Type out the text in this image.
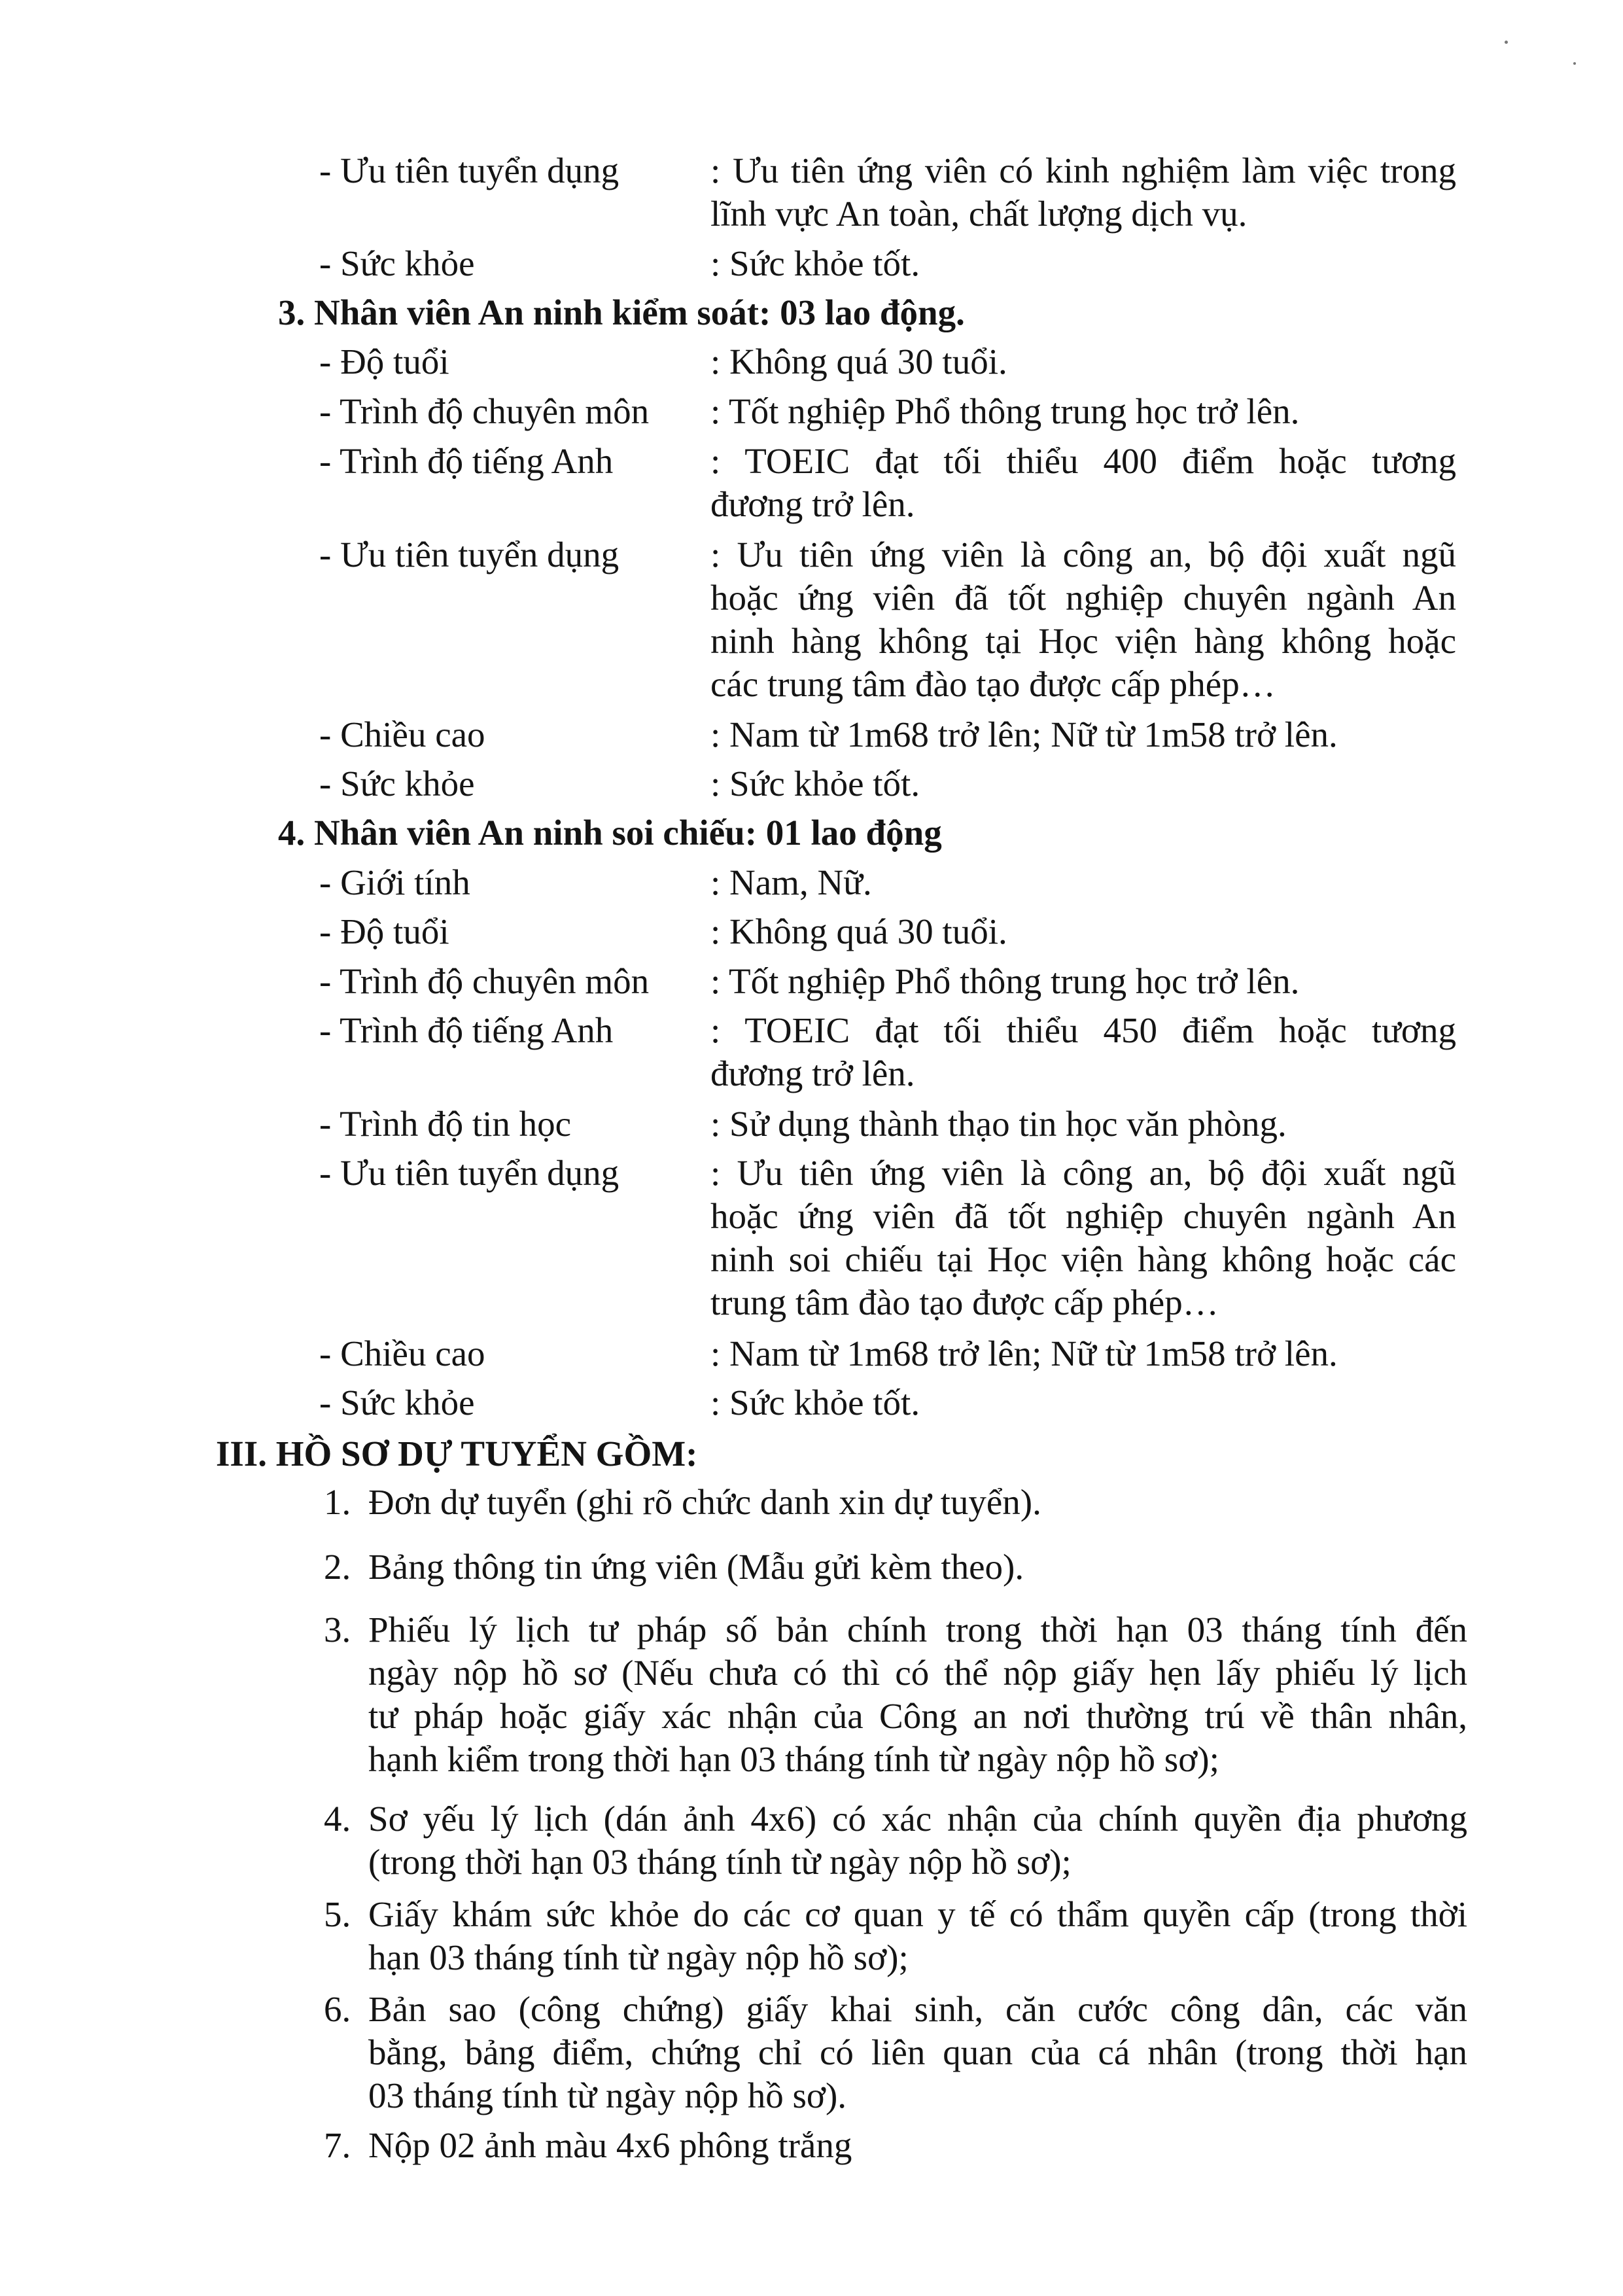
- Ưu tiên tuyển dụng	: Ưu tiên ứng viên có kinh nghiệm làm việc trong
lĩnh vực An toàn, chất lượng dịch vụ.
- Sức khỏe	: Sức khỏe tốt.
3. Nhân viên An ninh kiểm soát: 03 lao động.
- Độ tuổi	: Không quá 30 tuổi.
- Trình độ chuyên môn : Tốt nghiệp Phổ thông trung học trở lên.
- Trình độ tiếng Anh	: TOEIC đạt tối thiểu 400 điểm hoặc tương
đương trở lên.
- Ưu tiên tuyển dụng	: Ưu tiên ứng viên là công an, bộ đội xuất ngũ
hoặc ứng viên đã tốt nghiệp chuyên ngành An
ninh hàng không tại Học viện hàng không hoặc
các trung tâm đào tạo được cấp phép…
- Chiều cao	: Nam từ 1m68 trở lên; Nữ từ 1m58 trở lên.
- Sức khỏe	: Sức khỏe tốt.
4. Nhân viên An ninh soi chiếu: 01 lao động
- Giới tính	: Nam, Nữ.
- Độ tuổi	: Không quá 30 tuổi.
- Trình độ chuyên môn : Tốt nghiệp Phổ thông trung học trở lên.
- Trình độ tiếng Anh	: TOEIC đạt tối thiểu 450 điểm hoặc tương
đương trở lên.
- Trình độ tin học	: Sử dụng thành thạo tin học văn phòng.
- Ưu tiên tuyển dụng	: Ưu tiên ứng viên là công an, bộ đội xuất ngũ
hoặc ứng viên đã tốt nghiệp chuyên ngành An
ninh soi chiếu tại Học viện hàng không hoặc các
trung tâm đào tạo được cấp phép…
- Chiều cao	: Nam từ 1m68 trở lên; Nữ từ 1m58 trở lên.
- Sức khỏe	: Sức khỏe tốt.
III. HỒ SƠ DỰ TUYỂN GỒM:
1. Đơn dự tuyển (ghi rõ chức danh xin dự tuyển).
2. Bảng thông tin ứng viên (Mẫu gửi kèm theo).
3. Phiếu lý lịch tư pháp số bản chính trong thời hạn 03 tháng tính đến
ngày nộp hồ sơ (Nếu chưa có thì có thể nộp giấy hẹn lấy phiếu lý lịch
tư pháp hoặc giấy xác nhận của Công an nơi thường trú về thân nhân,
hạnh kiểm trong thời hạn 03 tháng tính từ ngày nộp hồ sơ);
4. Sơ yếu lý lịch (dán ảnh 4x6) có xác nhận của chính quyền địa phương
(trong thời hạn 03 tháng tính từ ngày nộp hồ sơ);
5. Giấy khám sức khỏe do các cơ quan y tế có thẩm quyền cấp (trong thời
hạn 03 tháng tính từ ngày nộp hồ sơ);
6. Bản sao (công chứng) giấy khai sinh, căn cước công dân, các văn
bằng, bảng điểm, chứng chỉ có liên quan của cá nhân (trong thời hạn
03 tháng tính từ ngày nộp hồ sơ).
7. Nộp 02 ảnh màu 4x6 phông trắng
